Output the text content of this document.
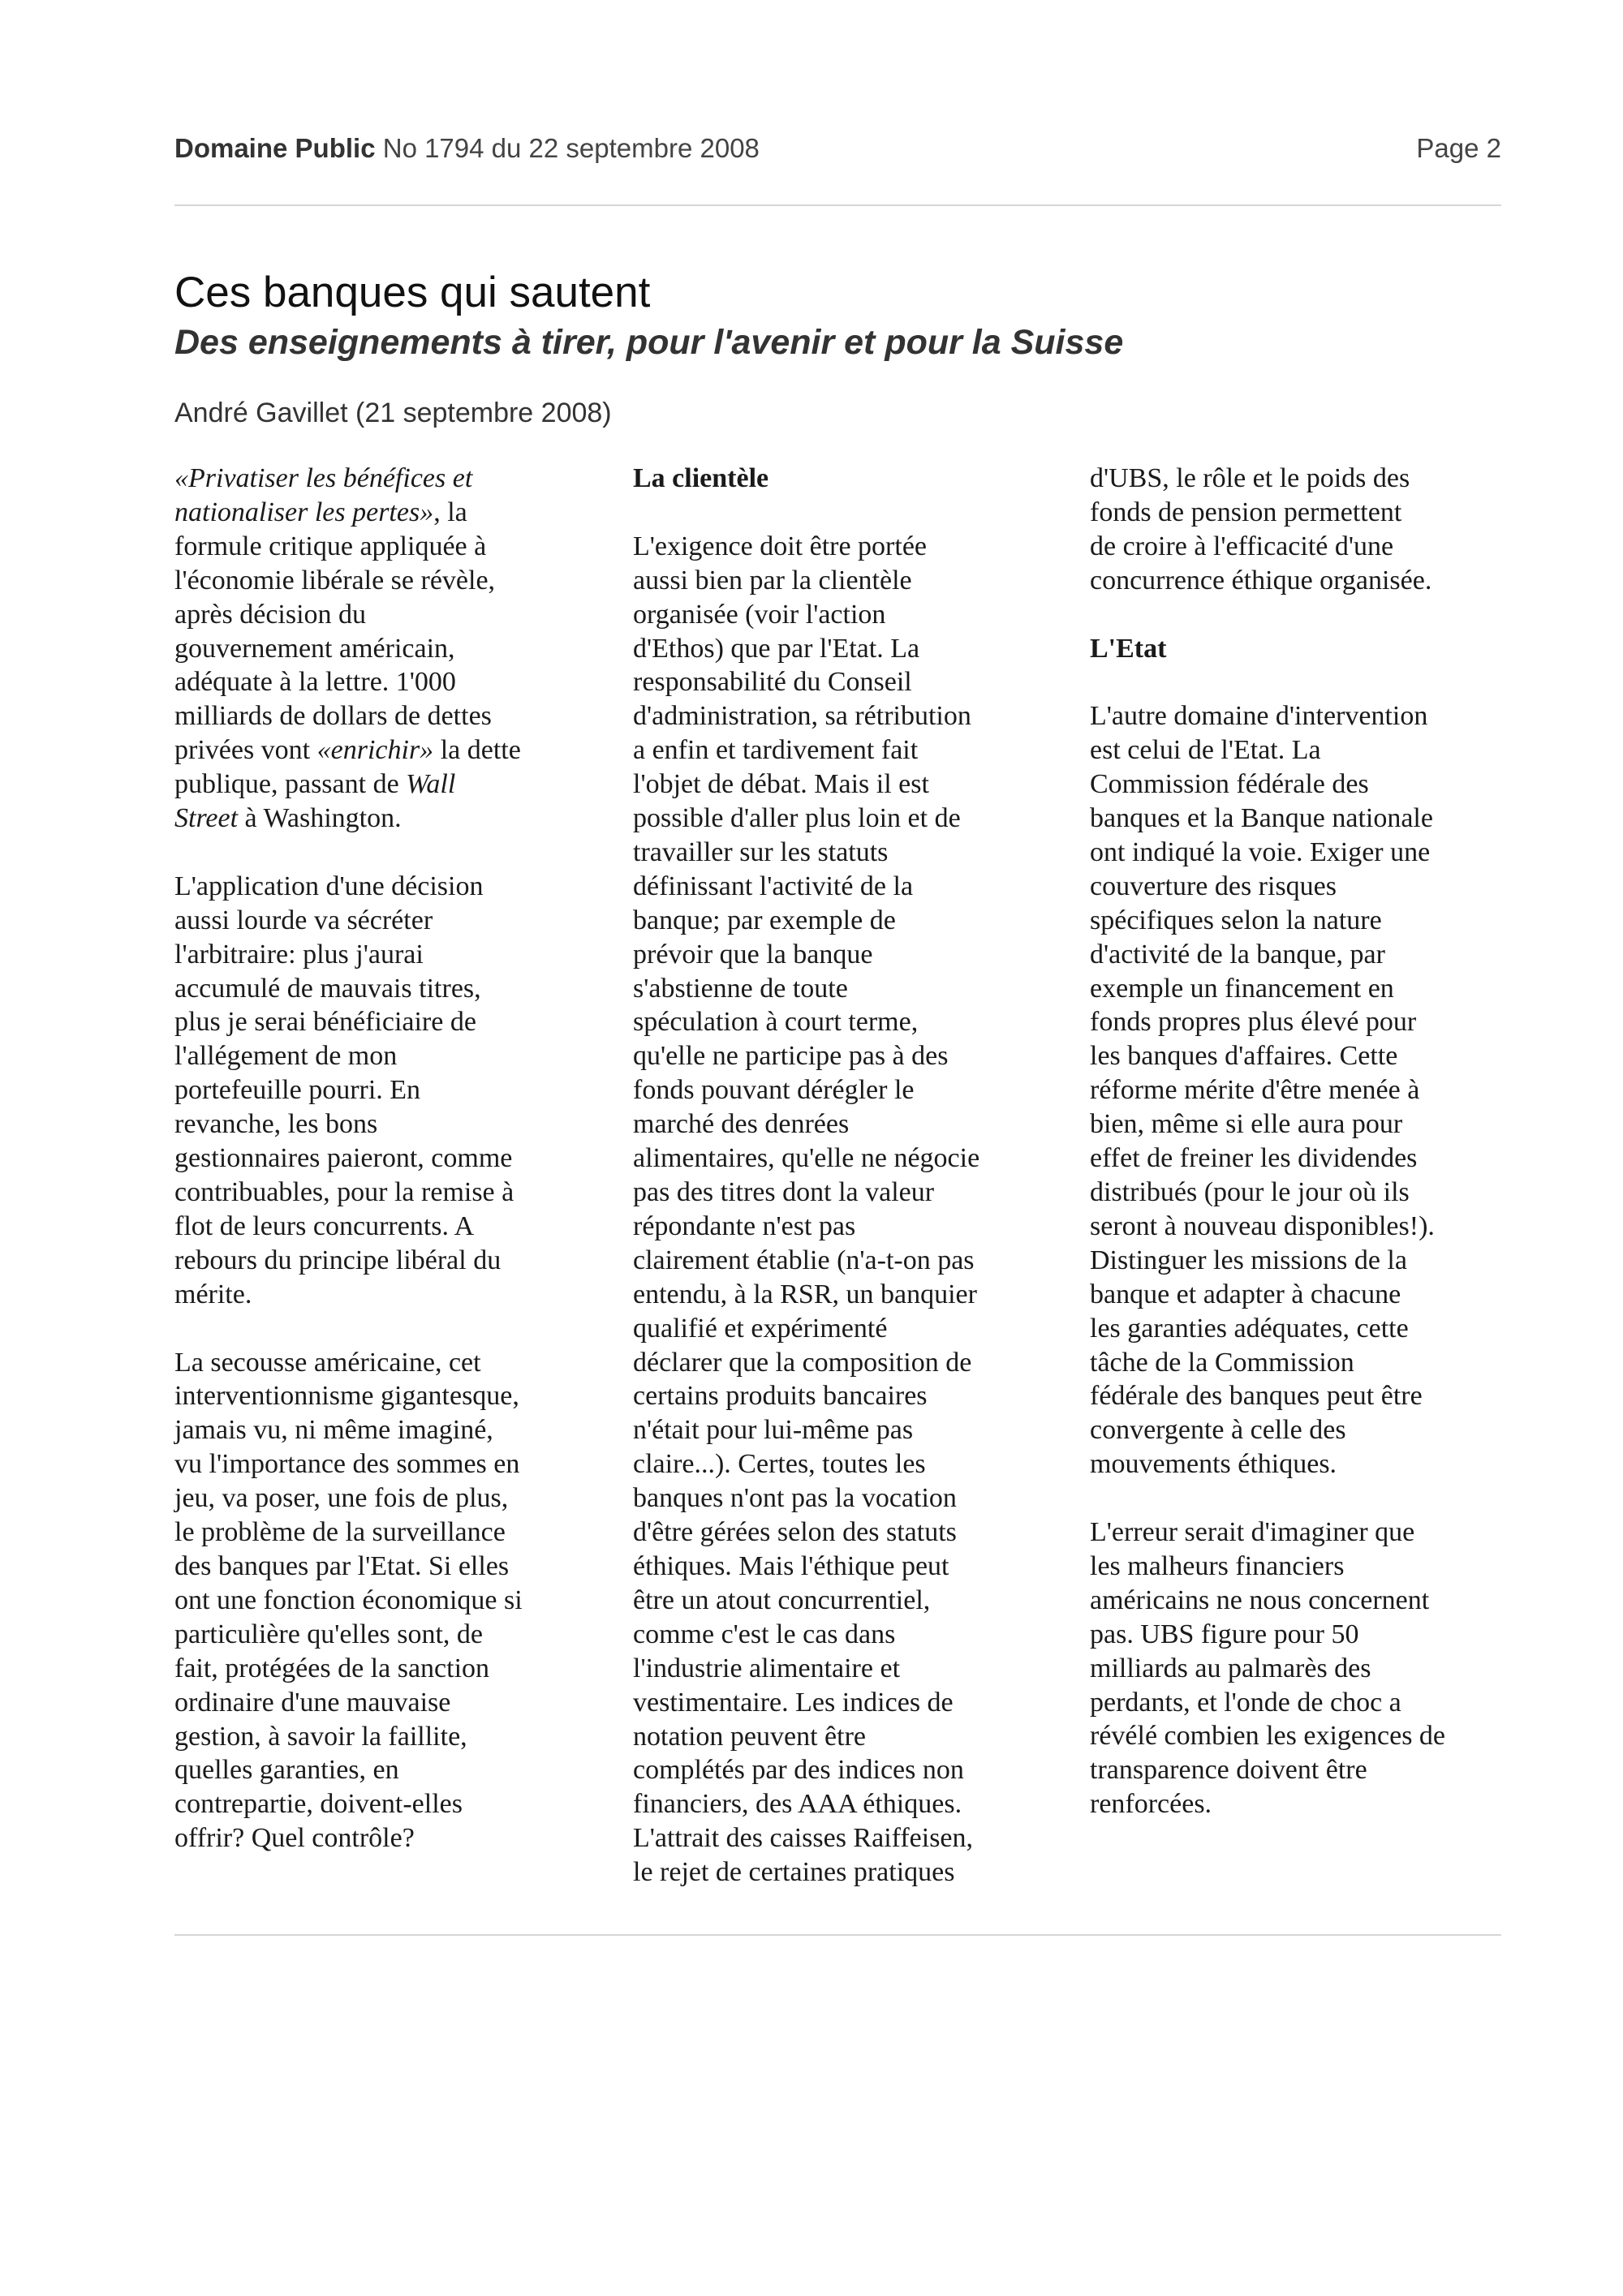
Domaine Public No 1794 du 22 septembre 2008	Page 2
Ces banques qui sautent
Des enseignements à tirer, pour l'avenir et pour la Suisse
André Gavillet (21 septembre 2008)

«Privatiser les bénéfices et
nationaliser les pertes», la
formule critique appliquée à
l'économie libérale se révèle,
après décision du
gouvernement américain,
adéquate à la lettre. 1'000
milliards de dollars de dettes
privées vont «enrichir» la dette
publique, passant de Wall
Street à Washington.

L'application d'une décision
aussi lourde va sécréter
l'arbitraire: plus j'aurai
accumulé de mauvais titres,
plus je serai bénéficiaire de
l'allégement de mon
portefeuille pourri. En
revanche, les bons
gestionnaires paieront, comme
contribuables, pour la remise à
flot de leurs concurrents. A
rebours du principe libéral du
mérite.

La secousse américaine, cet
interventionnisme gigantesque,
jamais vu, ni même imaginé,
vu l'importance des sommes en
jeu, va poser, une fois de plus,
le problème de la surveillance
des banques par l'Etat. Si elles
ont une fonction économique si
particulière qu'elles sont, de
fait, protégées de la sanction
ordinaire d'une mauvaise
gestion, à savoir la faillite,
quelles garanties, en
contrepartie, doivent-elles
offrir? Quel contrôle?

La clientèle

L'exigence doit être portée
aussi bien par la clientèle
organisée (voir l'action
d'Ethos) que par l'Etat. La
responsabilité du Conseil
d'administration, sa rétribution
a enfin et tardivement fait
l'objet de débat. Mais il est
possible d'aller plus loin et de
travailler sur les statuts
définissant l'activité de la
banque; par exemple de
prévoir que la banque
s'abstienne de toute
spéculation à court terme,
qu'elle ne participe pas à des
fonds pouvant dérégler le
marché des denrées
alimentaires, qu'elle ne négocie
pas des titres dont la valeur
répondante n'est pas
clairement établie (n'a-t-on pas
entendu, à la RSR, un banquier
qualifié et expérimenté
déclarer que la composition de
certains produits bancaires
n'était pour lui-même pas
claire...). Certes, toutes les
banques n'ont pas la vocation
d'être gérées selon des statuts
éthiques. Mais l'éthique peut
être un atout concurrentiel,
comme c'est le cas dans
l'industrie alimentaire et
vestimentaire. Les indices de
notation peuvent être
complétés par des indices non
financiers, des AAA éthiques.
L'attrait des caisses Raiffeisen,
le rejet de certaines pratiques

d'UBS, le rôle et le poids des
fonds de pension permettent
de croire à l'efficacité d'une
concurrence éthique organisée.

L'Etat

L'autre domaine d'intervention
est celui de l'Etat. La
Commission fédérale des
banques et la Banque nationale
ont indiqué la voie. Exiger une
couverture des risques
spécifiques selon la nature
d'activité de la banque, par
exemple un financement en
fonds propres plus élevé pour
les banques d'affaires. Cette
réforme mérite d'être menée à
bien, même si elle aura pour
effet de freiner les dividendes
distribués (pour le jour où ils
seront à nouveau disponibles!).
Distinguer les missions de la
banque et adapter à chacune
les garanties adéquates, cette
tâche de la Commission
fédérale des banques peut être
convergente à celle des
mouvements éthiques.

L'erreur serait d'imaginer que
les malheurs financiers
américains ne nous concernent
pas. UBS figure pour 50
milliards au palmarès des
perdants, et l'onde de choc a
révélé combien les exigences de
transparence doivent être
renforcées.
